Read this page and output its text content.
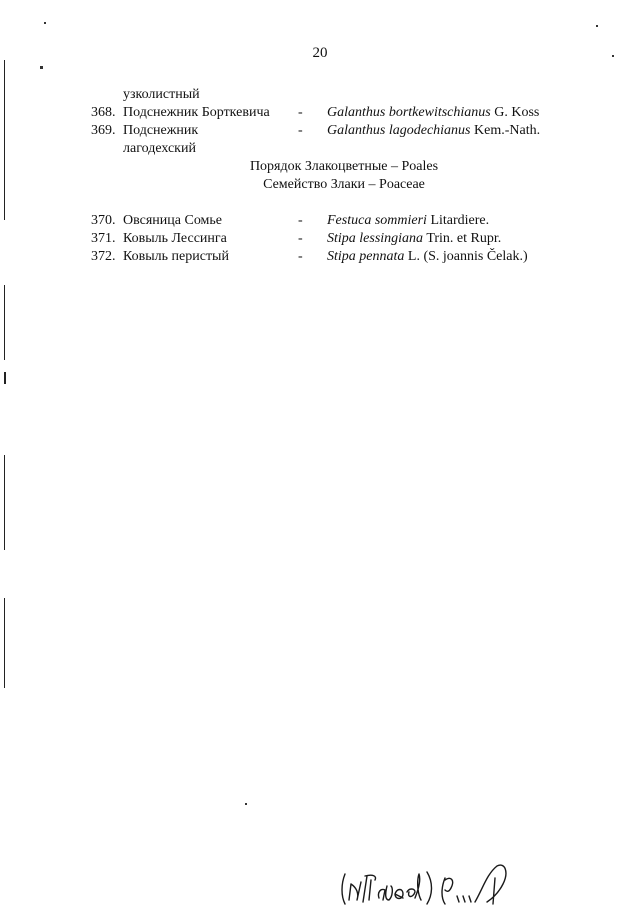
20
узколистный
368. Подснежник Борткевича - Galanthus bortkewitschianus G. Koss
369. Подснежник	- Galanthus lagodechianus Kem.-Nath.
лагодехский
Порядок Злакоцветные – Poales
Семейство Злаки – Poaceae
370. Овсяница Сомье	- Festuca sommieri Litardiere.
371. Ковыль Лессинга	- Stipa lessingiana Trin. et Rupr.
372. Ковыль перистый	- Stipa pennata L. (S. joannis Čelak.)
